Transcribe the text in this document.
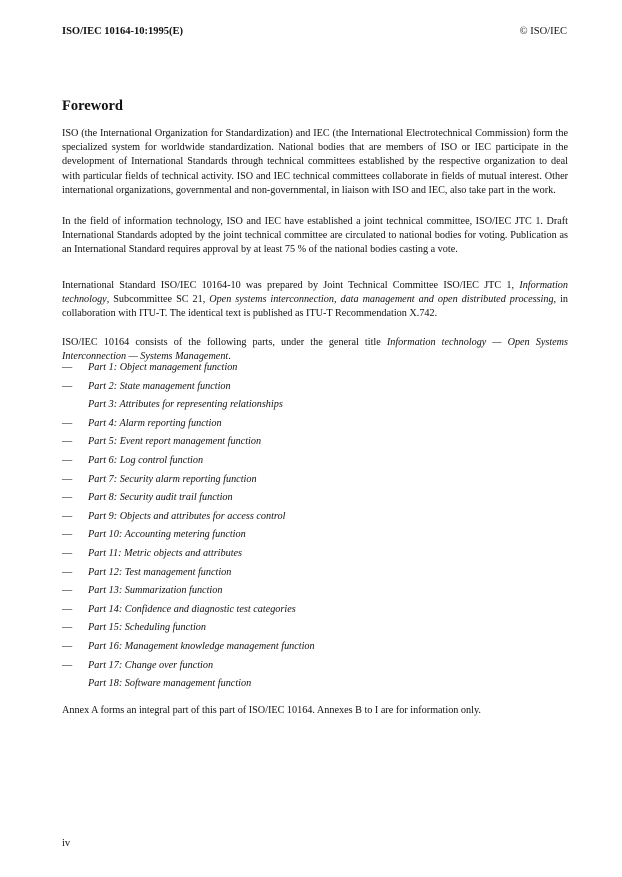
ISO/IEC 10164-10:1995(E)	© ISO/IEC
Foreword

ISO (the International Organization for Standardization) and IEC (the International Electrotechnical Commission) form the specialized system for worldwide standardization. National bodies that are members of ISO or IEC participate in the development of International Standards through technical committees established by the respective organization to deal with particular fields of technical activity. ISO and IEC technical committees collaborate in fields of mutual interest. Other international organizations, governmental and non-governmental, in liaison with ISO and IEC, also take part in the work.

In the field of information technology, ISO and IEC have established a joint technical committee, ISO/IEC JTC 1. Draft International Standards adopted by the joint technical committee are circulated to national bodies for voting. Publication as an International Standard requires approval by at least 75 % of the national bodies casting a vote.

International Standard ISO/IEC 10164-10 was prepared by Joint Technical Committee ISO/IEC JTC 1, Information technology, Subcommittee SC 21, Open systems interconnection, data management and open distributed processing, in collaboration with ITU-T. The identical text is published as ITU-T Recommendation X.742.

ISO/IEC 10164 consists of the following parts, under the general title Information technology — Open Systems Interconnection — Systems Management.

— Part 1: Object management function
— Part 2: State management function
Part 3: Attributes for representing relationships
— Part 4: Alarm reporting function
— Part 5: Event report management function
— Part 6: Log control function
— Part 7: Security alarm reporting function
— Part 8: Security audit trail function
— Part 9: Objects and attributes for access control
— Part 10: Accounting metering function
— Part 11: Metric objects and attributes
— Part 12: Test management function
— Part 13: Summarization function
— Part 14: Confidence and diagnostic test categories
— Part 15: Scheduling function
— Part 16: Management knowledge management function
— Part 17: Change over function
Part 18: Software management function

Annex A forms an integral part of this part of ISO/IEC 10164. Annexes B to I are for information only.

iv
